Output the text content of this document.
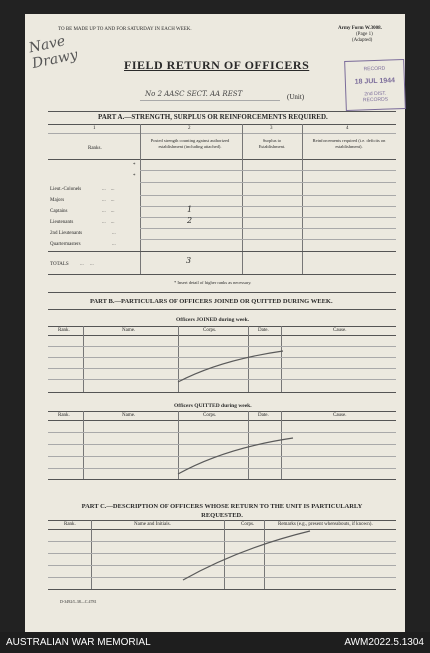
TO BE MADE UP TO AND FOR SATURDAY IN EACH WEEK.	Army Form W.3008.
(Page 1)
(Adapted)
Nave Drawy	FIELD RETURN OF OFFICERS
No 2 AASC SECT. AA REST	(Unit)
RECORD
18 JUL 1944
2nd DIST.
RECORDS
PART A.—STRENGTH, SURPLUS OR REINFORCEMENTS REQUIRED.
1	2	3	4
Ranks.
Posted strength counting against authorized establishment (including attached).
Surplus to Establishment.
Reinforcements required (i.e. deficits on establishment).
*
*
Lieut.-Colonels	...    ...
Majors	...    ...
Captains	...    ...	1
Lieutenants	...    ...	2
2nd Lieutenants	...
Quartermasters	...
TOTALS ...     ...	3
* Insert detail of higher ranks as necessary.
PART B.—PARTICULARS OF OFFICERS JOINED OR QUITTED DURING WEEK.
Officers JOINED during week.
Rank.	Name.	Corps.	Date.	Cause.
Officers QUITTED during week.
Rank.	Name.	Corps.	Date.	Cause.
PART C.—DESCRIPTION OF OFFICERS WHOSE RETURN TO THE UNIT IS PARTICULARLY
REQUESTED.
Rank.	Name and Initials.	Corps.	Remarks (e.g., present whereabouts, if known).
D-3492/L.38—C.4781
AUSTRALIAN WAR MEMORIAL	AWM2022.5.1304
